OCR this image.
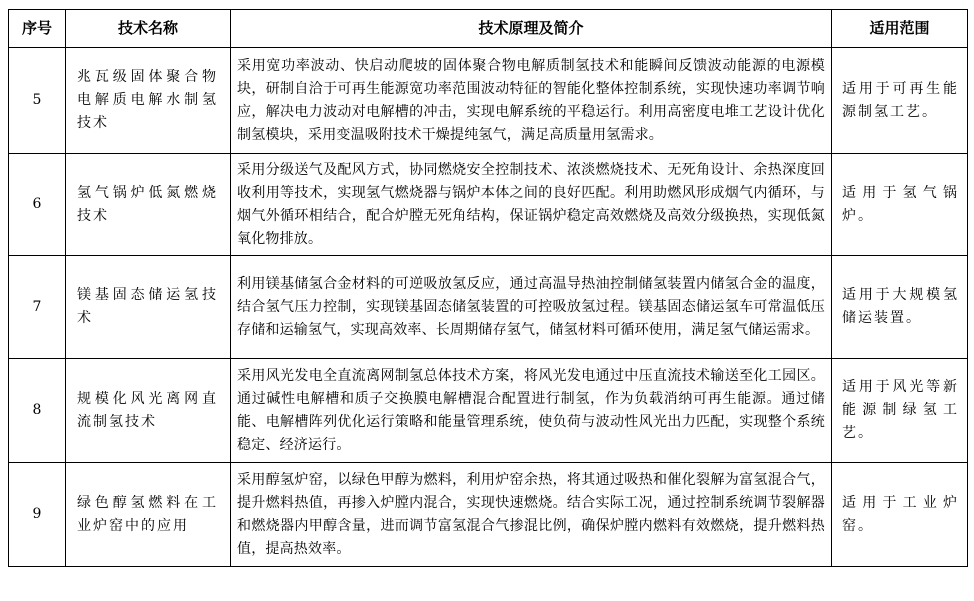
序号	技术名称	技术原理及简介	适用范围
5	兆瓦级固体聚合物电解质电解水制氢技术	采用宽功率波动、快启动爬坡的固体聚合物电解质制氢技术和能瞬间反馈波动能源的电源模块，研制自洽于可再生能源宽功率范围波动特征的智能化整体控制系统，实现快速功率调节响应，解决电力波动对电解槽的冲击，实现电解系统的平稳运行。利用高密度电堆工艺设计优化制氢模块，采用变温吸附技术干燥提纯氢气，满足高质量用氢需求。	适用于可再生能源制氢工艺。
6	氢气锅炉低氮燃烧技术	采用分级送气及配风方式，协同燃烧安全控制技术、浓淡燃烧技术、无死角设计、余热深度回收利用等技术，实现氢气燃烧器与锅炉本体之间的良好匹配。利用助燃风形成烟气内循环，与烟气外循环相结合，配合炉膛无死角结构，保证锅炉稳定高效燃烧及高效分级换热，实现低氮氧化物排放。	适用于氢气锅炉。
7	镁基固态储运氢技术	利用镁基储氢合金材料的可逆吸放氢反应，通过高温导热油控制储氢装置内储氢合金的温度，结合氢气压力控制，实现镁基固态储氢装置的可控吸放氢过程。镁基固态储运氢车可常温低压存储和运输氢气，实现高效率、长周期储存氢气，储氢材料可循环使用，满足氢气储运需求。	适用于大规模氢储运装置。
8	规模化风光离网直流制氢技术	采用风光发电全直流离网制氢总体技术方案，将风光发电通过中压直流技术输送至化工园区。通过碱性电解槽和质子交换膜电解槽混合配置进行制氢，作为负载消纳可再生能源。通过储能、电解槽阵列优化运行策略和能量管理系统，使负荷与波动性风光出力匹配，实现整个系统稳定、经济运行。	适用于风光等新能源制绿氢工艺。
9	绿色醇氢燃料在工业炉窑中的应用	采用醇氢炉窑，以绿色甲醇为燃料，利用炉窑余热，将其通过吸热和催化裂解为富氢混合气，提升燃料热值，再掺入炉膛内混合，实现快速燃烧。结合实际工况，通过控制系统调节裂解器和燃烧器内甲醇含量，进而调节富氢混合气掺混比例，确保炉膛内燃料有效燃烧，提升燃料热值，提高热效率。	适用于工业炉窑。
